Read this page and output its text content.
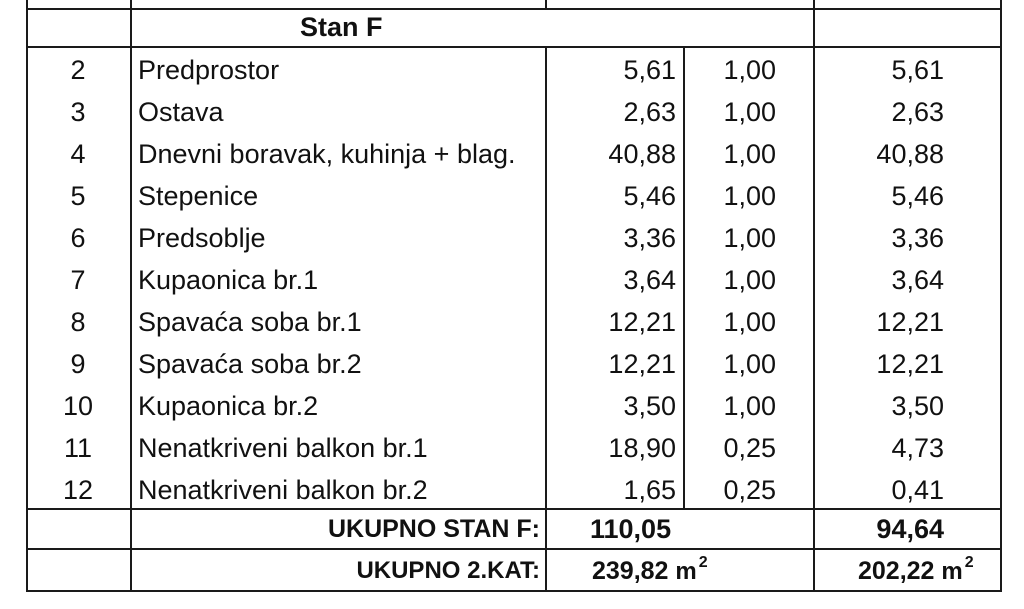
Stan F
2	Predprostor	5,61	1,00	5,61
3	Ostava	2,63	1,00	2,63
4	Dnevni boravak, kuhinja + blag.	40,88	1,00	40,88
5	Stepenice	5,46	1,00	5,46
6	Predsoblje	3,36	1,00	3,36
7	Kupaonica br.1	3,64	1,00	3,64
8	Spavaća soba br.1	12,21	1,00	12,21
9	Spavaća soba br.2	12,21	1,00	12,21
10	Kupaonica br.2	3,50	1,00	3,50
11	Nenatkriveni balkon br.1	18,90	0,25	4,73
12	Nenatkriveni balkon br.2	1,65	0,25	0,41
UKUPNO STAN F: 110,05	94,64
UKUPNO 2.KAT: 239,82 m $^2$	202,22 m $^2$
